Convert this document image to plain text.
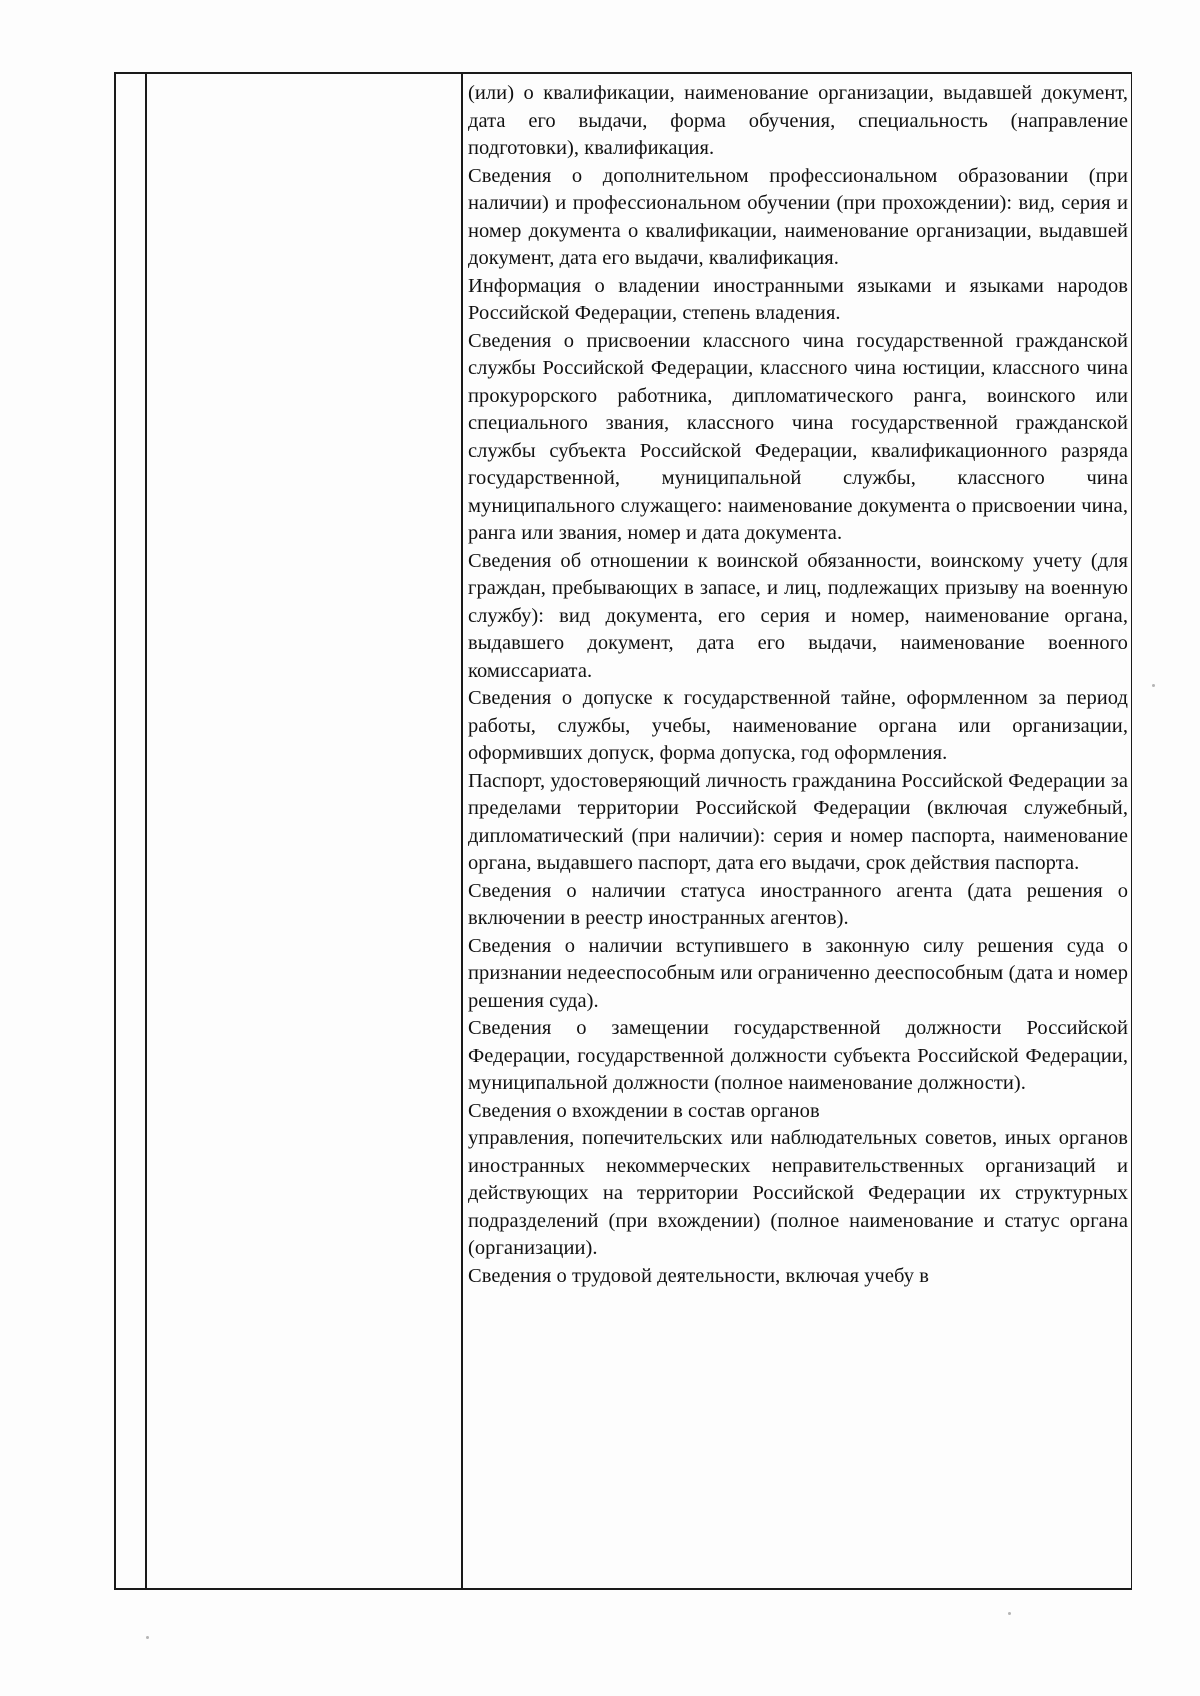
(или) о квалификации, наименование организации, выдавшей документ, дата его выдачи, форма обучения, специальность (направление подготовки), квалификация.

Сведения о дополнительном профессиональном образовании (при наличии) и профессиональном обучении (при прохождении): вид, серия и номер документа о квалификации, наименование организации, выдавшей документ, дата его выдачи, квалификация.

Информация о владении иностранными языками и языками народов Российской Федерации, степень владения.

Сведения о присвоении классного чина государственной гражданской службы Российской Федерации, классного чина юстиции, классного чина прокурорского работника, дипломатического ранга, воинского или специального звания, классного чина государственной гражданской службы субъекта Российской Федерации, квалификационного разряда государственной, муниципальной службы, классного чина муниципального служащего: наименование документа о присвоении чина, ранга или звания, номер и дата документа.

Сведения об отношении к воинской обязанности, воинскому учету (для граждан, пребывающих в запасе, и лиц, подлежащих призыву на военную службу): вид документа, его серия и номер, наименование органа, выдавшего документ, дата его выдачи, наименование военного комиссариата.

Сведения о допуске к государственной тайне, оформленном за период работы, службы, учебы, наименование органа или организации, оформивших допуск, форма допуска, год оформления.

Паспорт, удостоверяющий личность гражданина Российской Федерации за пределами территории Российской Федерации (включая служебный, дипломатический (при наличии): серия и номер паспорта, наименование органа, выдавшего паспорт, дата его выдачи, срок действия паспорта.

Сведения о наличии статуса иностранного агента (дата решения о включении в реестр иностранных агентов).

Сведения о наличии вступившего в законную силу решения суда о признании недееспособным или ограниченно дееспособным (дата и номер решения суда).

Сведения о замещении государственной должности Российской Федерации, государственной должности субъекта Российской Федерации, муниципальной должности (полное наименование должности).

Сведения о вхождении в состав органов

управления, попечительских или наблюдательных советов, иных органов иностранных некоммерческих неправительственных организаций и действующих на территории Российской Федерации их структурных подразделений (при вхождении) (полное наименование и статус органа (организации).

Сведения о трудовой деятельности, включая учебу в
